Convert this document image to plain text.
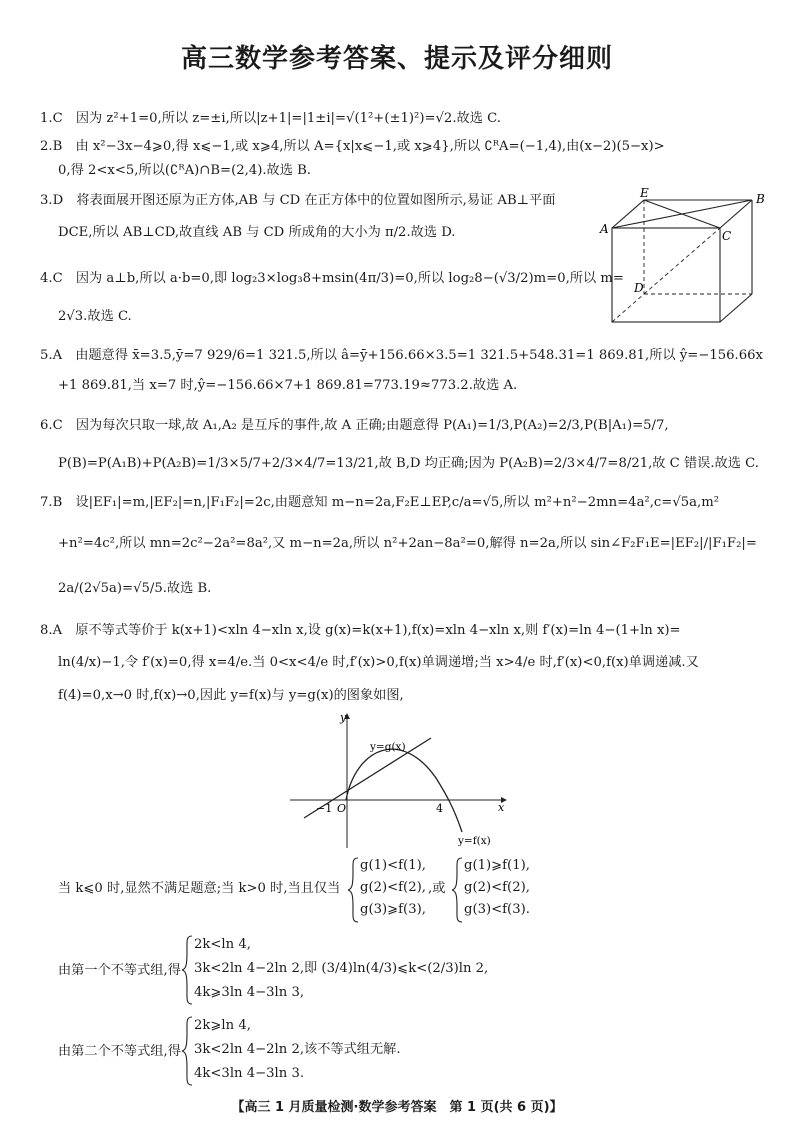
高三数学参考答案、提示及评分细则
1.C　因为 z²+1=0,所以 z=±i,所以|z+1|=|1±i|=√(1²+(±1)²)=√2.故选 C.
2.B　由 x²−3x−4⩾0,得 x⩽−1,或 x⩾4,所以 A={x|x⩽−1,或 x⩾4},所以 ∁ᴿA=(−1,4),由(x−2)(5−x)>
0,得 2<x<5,所以(∁ᴿA)∩B=(2,4).故选 B.
3.D　将表面展开图还原为正方体,AB 与 CD 在正方体中的位置如图所示,易证 AB⊥平面
DCE,所以 AB⊥CD,故直线 AB 与 CD 所成角的大小为 π/2.故选 D.
4.C　因为 a⊥b,所以 a·b=0,即 log₂3×log₃8+msin(4π/3)=0,所以 log₂8−(√3/2)m=0,所以 m=
2√3.故选 C.
5.A　由题意得 x̄=3.5,ȳ=7 929/6=1 321.5,所以 â=ȳ+156.66×3.5=1 321.5+548.31=1 869.81,所以 ŷ=−156.66x
+1 869.81,当 x=7 时,ŷ=−156.66×7+1 869.81=773.19≈773.2.故选 A.
6.C　因为每次只取一球,故 A₁,A₂ 是互斥的事件,故 A 正确;由题意得 P(A₁)=1/3,P(A₂)=2/3,P(B|A₁)=5/7,
P(B)=P(A₁B)+P(A₂B)=1/3×5/7+2/3×4/7=13/21,故 B,D 均正确;因为 P(A₂B)=2/3×4/7=8/21,故 C 错误.故选 C.
7.B　设|EF₁|=m,|EF₂|=n,|F₁F₂|=2c,由题意知 m−n=2a,F₂E⊥EP,c/a=√5,所以 m²+n²−2mn=4a²,c=√5a,m²
+n²=4c²,所以 mn=2c²−2a²=8a²,又 m−n=2a,所以 n²+2an−8a²=0,解得 n=2a,所以 sin∠F₂F₁E=|EF₂|/|F₁F₂|=
2a/(2√5a)=√5/5.故选 B.
8.A　原不等式等价于 k(x+1)<xln 4−xln x,设 g(x)=k(x+1),f(x)=xln 4−xln x,则 f′(x)=ln 4−(1+ln x)=
ln(4/x)−1,令 f′(x)=0,得 x=4/e.当 0<x<4/e 时,f′(x)>0,f(x)单调递增;当 x>4/e 时,f′(x)<0,f(x)单调递减.又
f(4)=0,x→0 时,f(x)→0,因此 y=f(x)与 y=g(x)的图象如图,
A
B
C
D
E
y
x
O
−1	4
y=g(x)
y=f(x)
当 k⩽0 时,显然不满足题意;当 k>0 时,当且仅当
g(1)<f(1),
g(2)<f(2),
g(3)⩾f(3),
,或
g(1)⩾f(1),
g(2)<f(2),
g(3)<f(3).
由第一个不等式组,得
2k<ln 4,
3k<2ln 4−2ln 2,即 (3/4)ln(4/3)⩽k<(2/3)ln 2,
4k⩾3ln 4−3ln 3,
由第二个不等式组,得
2k⩾ln 4,
3k<2ln 4−2ln 2,该不等式组无解.
4k<3ln 4−3ln 3.
【高三 1 月质量检测·数学参考答案　第 1 页(共 6 页)】
